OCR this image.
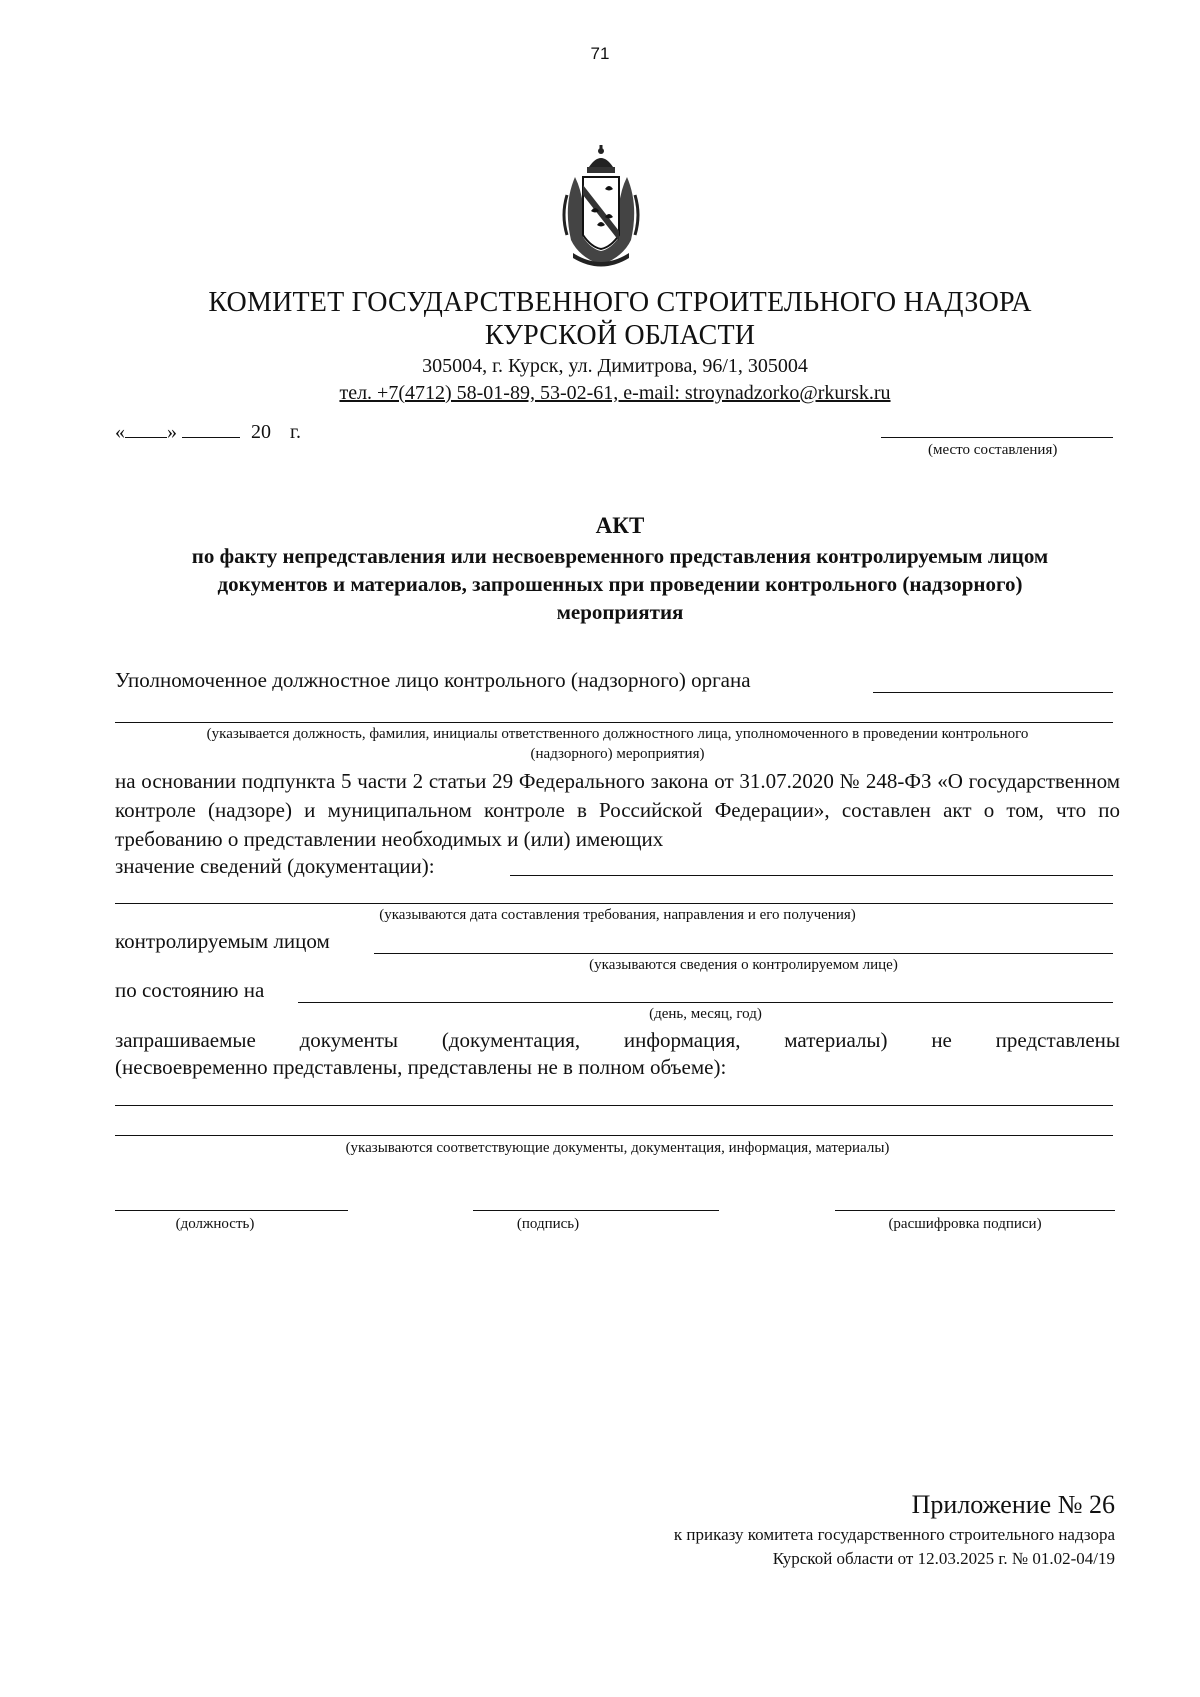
71
КОМИТЕТ ГОСУДАРСТВЕННОГО СТРОИТЕЛЬНОГО НАДЗОРА
КУРСКОЙ ОБЛАСТИ
305004, г. Курск, ул. Димитрова, 96/1, 305004
тел. +7(4712) 58-01-89, 53-02-61, e-mail: stroynadzorko@rkursk.ru
« »	20 г.
(место составления)
АКТ
по факту непредставления или несвоевременного представления контролируемым лицом
документов и материалов, запрошенных при проведении контрольного (надзорного)
мероприятия
Уполномоченное должностное лицо контрольного (надзорного) органа
(указывается должность, фамилия, инициалы ответственного должностного лица, уполномоченного в проведении контрольного
(надзорного) мероприятия)
на основании подпункта 5 части 2 статьи 29 Федерального закона от 31.07.2020 № 248-ФЗ «О государственном контроле (надзоре) и муниципальном контроле в Российской Федерации», составлен акт о том, что по требованию о представлении необходимых и (или) имеющих
значение сведений (документации):
(указываются дата составления требования, направления и его получения)
контролируемым лицом
(указываются сведения о контролируемом лице)
по состоянию на
(день, месяц, год)
запрашиваемые документы (документация, информация, материалы) не представлены
(несвоевременно представлены, представлены не в полном объеме):
(указываются соответствующие документы, документация, информация, материалы)
(должность)	(подпись)	(расшифровка подписи)
Приложение № 26
к приказу комитета государственного строительного надзора
Курской области от 12.03.2025 г. № 01.02-04/19
